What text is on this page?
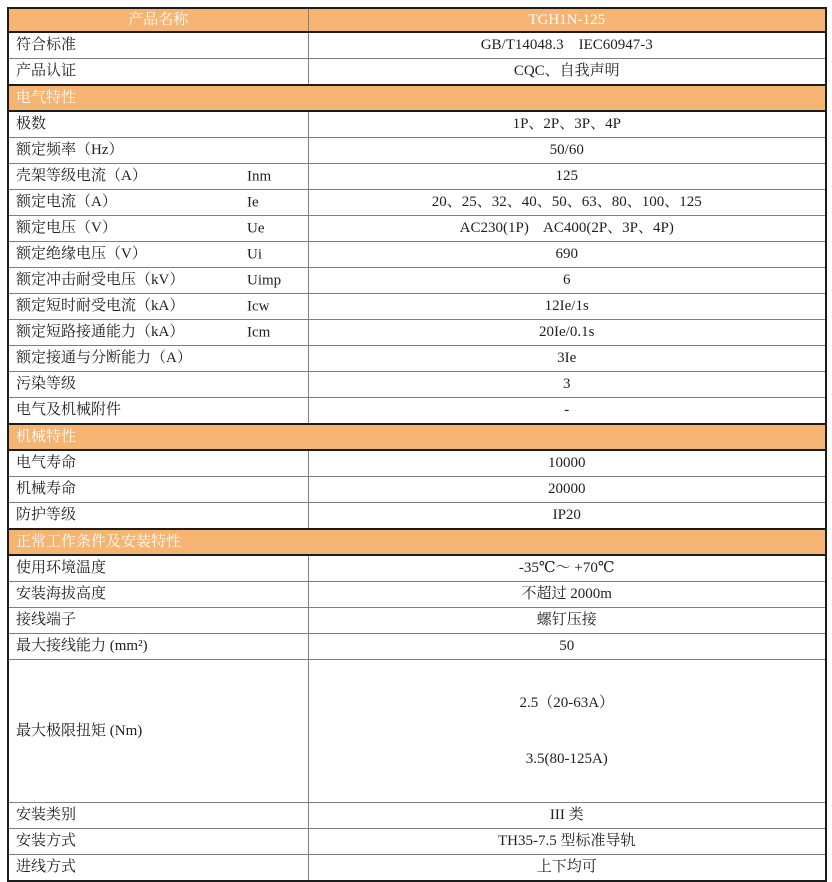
产品名称	TGH1N-125
符合标准	GB/T14048.3    IEC60947-3
产品认证	CQC、自我声明
电气特性	
极数	1P、2P、3P、4P
额定频率（Hz）	50/60
壳架等级电流（A） Inm	125
额定电流（A） Ie	20、25、32、40、50、63、80、100、125
额定电压（V） Ue	AC230(1P)    AC400(2P、3P、4P)
额定绝缘电压（V） Ui	690
额定冲击耐受电压（kV） Uimp	6
额定短时耐受电流（kA） Icw	12Ie/1s
额定短路接通能力（kA） Icm	20Ie/0.1s
额定接通与分断能力（A）	3Ie
污染等级	3
电气及机械附件	-
机械特性	
电气寿命	10000
机械寿命	20000
防护等级	IP20
正常工作条件及安装特性	
使用环境温度	-35℃～ +70℃
安装海拔高度	不超过 2000m
接线端子	螺钉压接
最大接线能力 (mm²)	50
最大极限扭矩 (Nm)	2.5（20-63A）

3.5(80-125A)

安装类别	III 类
安装方式	TH35-7.5 型标准导轨
进线方式	上下均可
